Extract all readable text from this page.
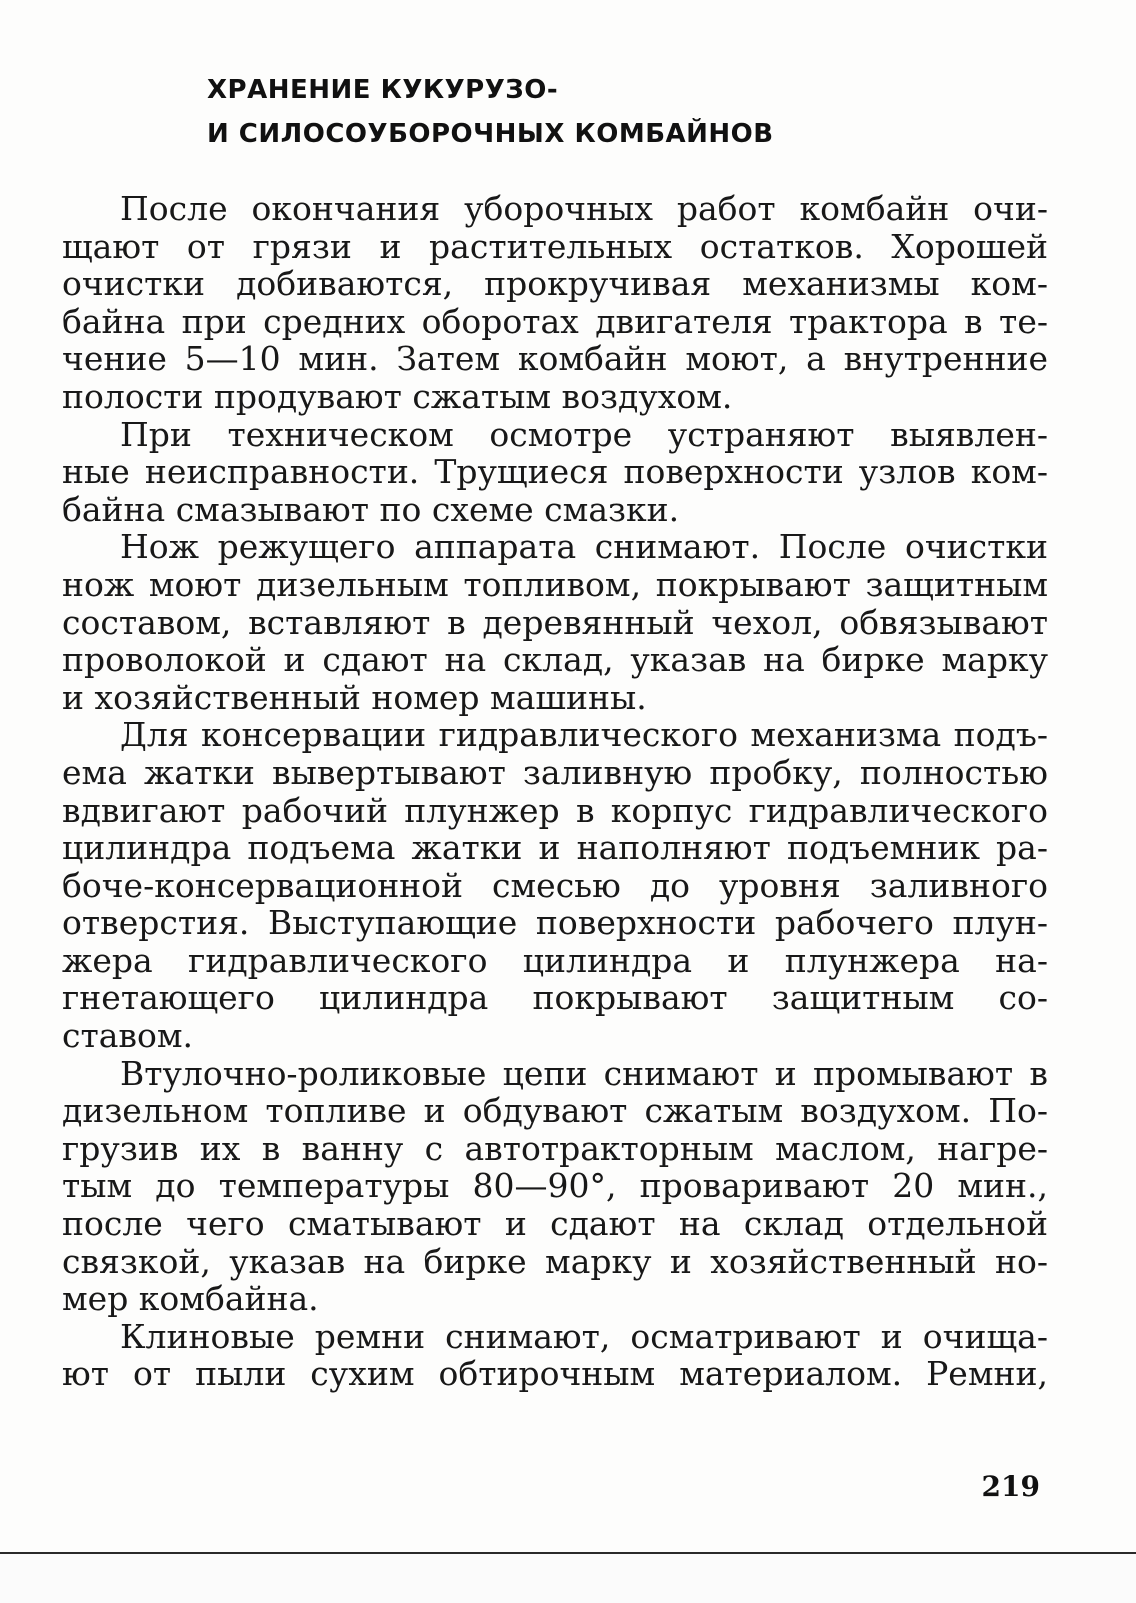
ХРАНЕНИЕ КУКУРУЗО-
И СИЛОСОУБОРОЧНЫХ КОМБАЙНОВ
После окончания уборочных работ комбайн очи-
щают от грязи и растительных остатков. Хорошей
очистки добиваются, прокручивая механизмы ком-
байна при средних оборотах двигателя трактора в те-
чение 5—10 мин. Затем комбайн моют, а внутренние
полости продувают сжатым воздухом.
При техническом осмотре устраняют выявлен-
ные неисправности. Трущиеся поверхности узлов ком-
байна смазывают по схеме смазки.
Нож режущего аппарата снимают. После очистки
нож моют дизельным топливом, покрывают защитным
составом, вставляют в деревянный чехол, обвязывают
проволокой и сдают на склад, указав на бирке марку
и хозяйственный номер машины.
Для консервации гидравлического механизма подъ-
ема жатки вывертывают заливную пробку, полностью
вдвигают рабочий плунжер в корпус гидравлического
цилиндра подъема жатки и наполняют подъемник ра-
боче-консервационной смесью до уровня заливного
отверстия. Выступающие поверхности рабочего плун-
жера гидравлического цилиндра и плунжера на-
гнетающего цилиндра покрывают защитным со-
ставом.
Втулочно-роликовые цепи снимают и промывают в
дизельном топливе и обдувают сжатым воздухом. По-
грузив их в ванну с автотракторным маслом, нагре-
тым до температуры 80—90°, проваривают 20 мин.,
после чего сматывают и сдают на склад отдельной
связкой, указав на бирке марку и хозяйственный но-
мер комбайна.
Клиновые ремни снимают, осматривают и очища-
ют от пыли сухим обтирочным материалом. Ремни,
219
